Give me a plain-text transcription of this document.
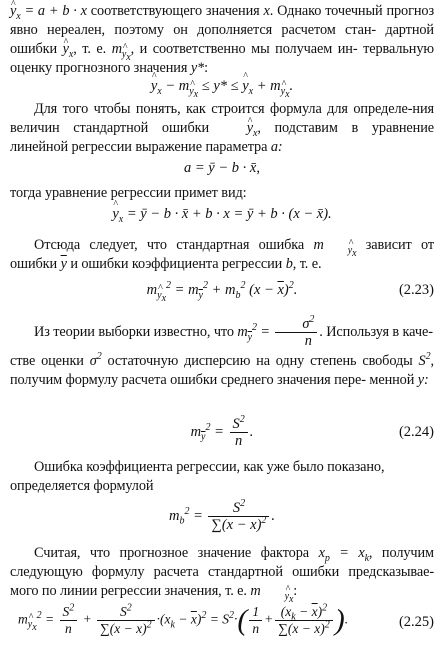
^ $y_x = a + b \cdot x$ соответствующего значения x. Однако точечный прогноз явно нереален, поэтому он дополняется расчетом стан- дартной ошибки ^ $y_x$, т. е. $m_{y_x}$, и соответственно мы получаем ин- тервальную оценку прогнозного значения y*:

^ $y_x - m_{y_x} \le y*$ ≤ ^ $y_x + m_{y_x}$.

Для того чтобы понять, как строится формула для определе-ния величин стандартной ошибки	^ $y_x$, подставим в уравнение линейной регрессии выражение параметра a:

a = ȳ − b · x̄,

тогда уравнение регрессии примет вид:

^ $y_x$ = ȳ − b · x̄ + b · x = ȳ + b · (x − x̄).

Отсюда следует, что стандартная ошибка m $_{y_x}$ зависит от ошибки $\overline{y}$ и ошибки коэффициента регрессии b, т. е.

$m_{y_x}^2 = m_{\overline{y}}^2 + m_b^2$ $(x - \overline{x})^2$.	(2.23)

Из теории выборки известно, что $m_{\overline{y}}^2 = \frac{\sigma^2}{n}$ . Используя в каче-

стве оценки $\sigma^2$ остаточную дисперсию на одну степень свободы $S^2$, получим формулу расчета ошибки среднего значения пере- менной y:

$m_{\overline{y}}^2 = \frac{S^2}{n}$ .	(2.24)

Ошибка коэффициента регрессии, как уже было показано,

определяется формулой

$m_b^2 = \frac{S^2}{\sum(x - \overline{x})^2}$ .

Считая, что прогнозное значение фактора $x_p = x_k$, получим следующую формулу расчета стандартной ошибки предсказывае- мого по линии регрессии значения, т. е. m $_{y_x}$:

$m_{y_x}^2 = \frac{S^2}{n} + \frac{S^2}{\sum(x - \overline{x})^2} \cdot(x_k - \overline{x})^2 = S^2\cdot( \frac{1}{n} + \frac{(x_k - \overline{x})^2}{\sum(x - \overline{x})^2}$ ).	(2.25)
